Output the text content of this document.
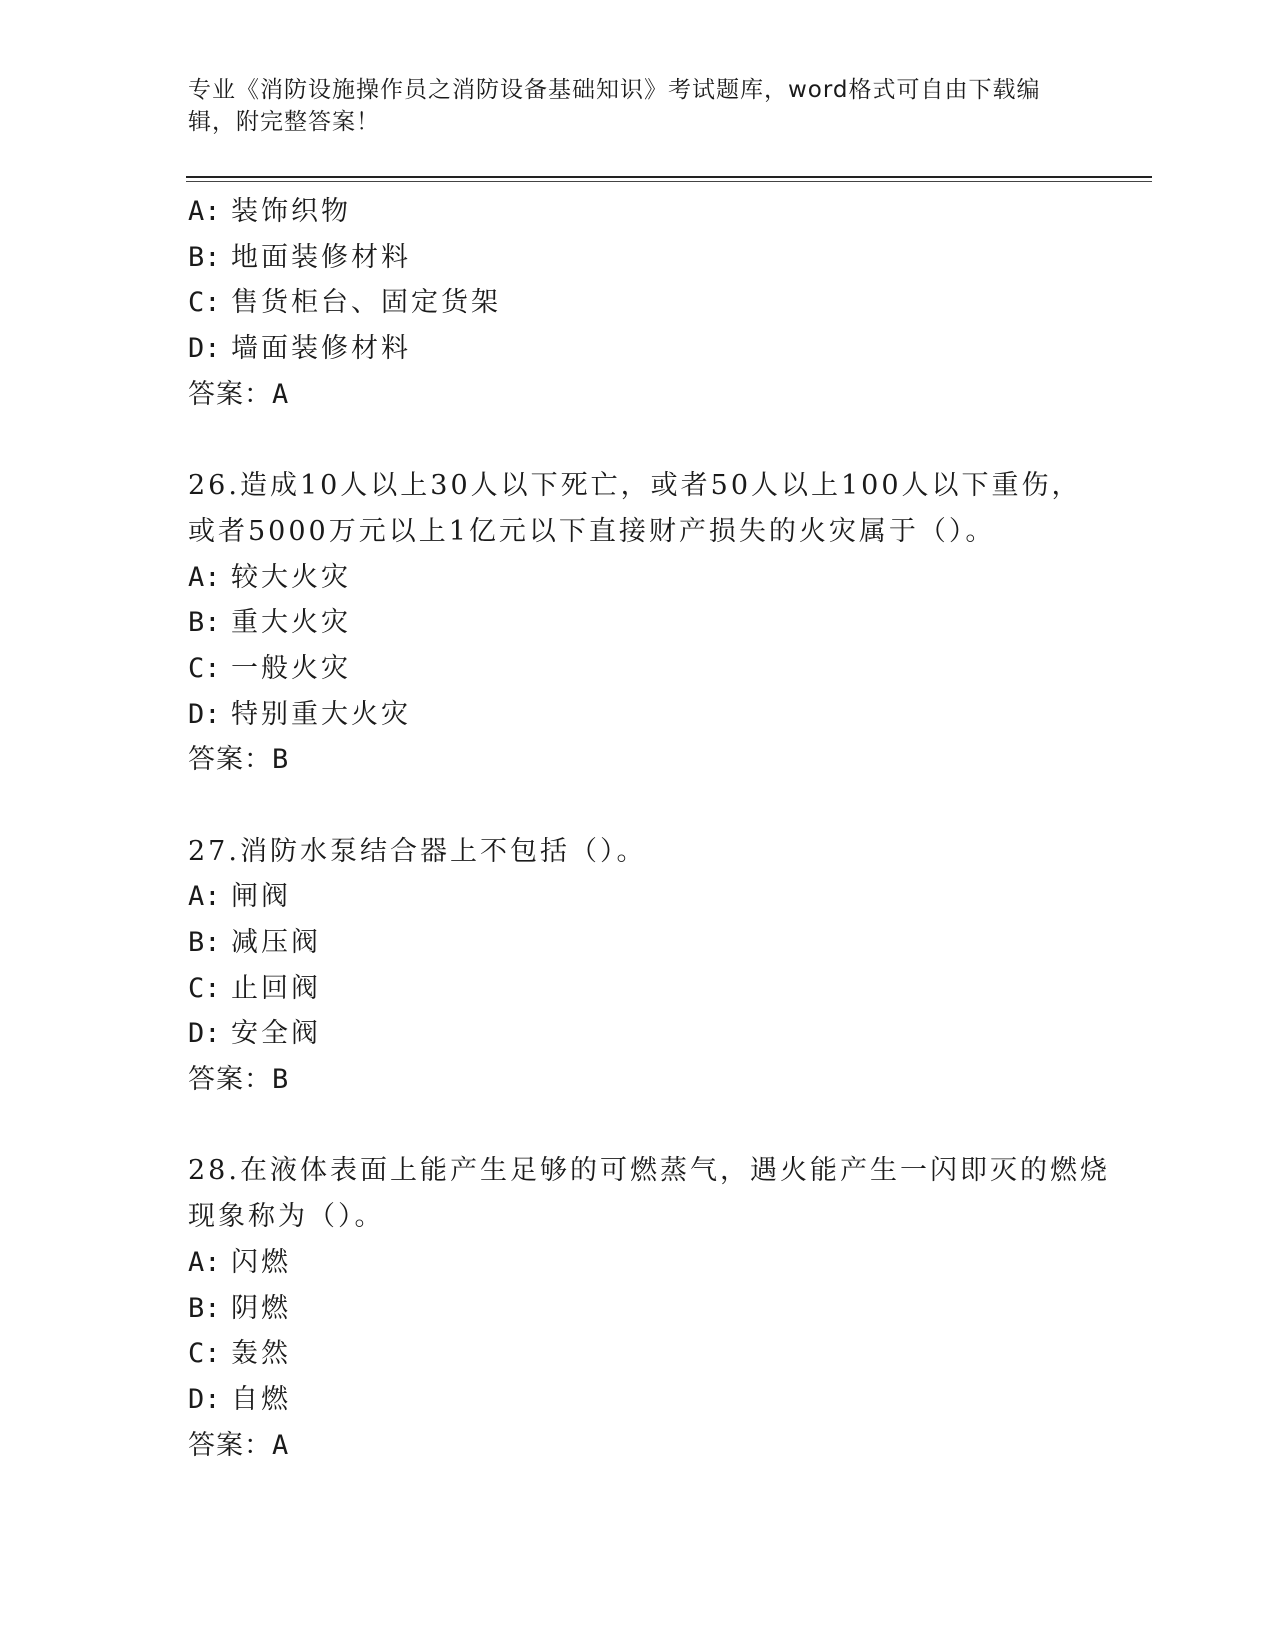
专业《消防设施操作员之消防设备基础知识》考试题库，word格式可自由下载编
辑，附完整答案！
A: 装饰织物
B: 地面装修材料
C: 售货柜台、固定货架
D: 墙面装修材料
答案：A
26.造成10人以上30人以下死亡，或者50人以上100人以下重伤，
或者5000万元以上1亿元以下直接财产损失的火灾属于（）。
A: 较大火灾
B: 重大火灾
C: 一般火灾
D: 特别重大火灾
答案：B
27.消防水泵结合器上不包括（）。
A: 闸阀
B: 减压阀
C: 止回阀
D: 安全阀
答案：B
28.在液体表面上能产生足够的可燃蒸气，遇火能产生一闪即灭的燃烧
现象称为（）。
A: 闪燃
B: 阴燃
C: 轰然
D: 自燃
答案：A
